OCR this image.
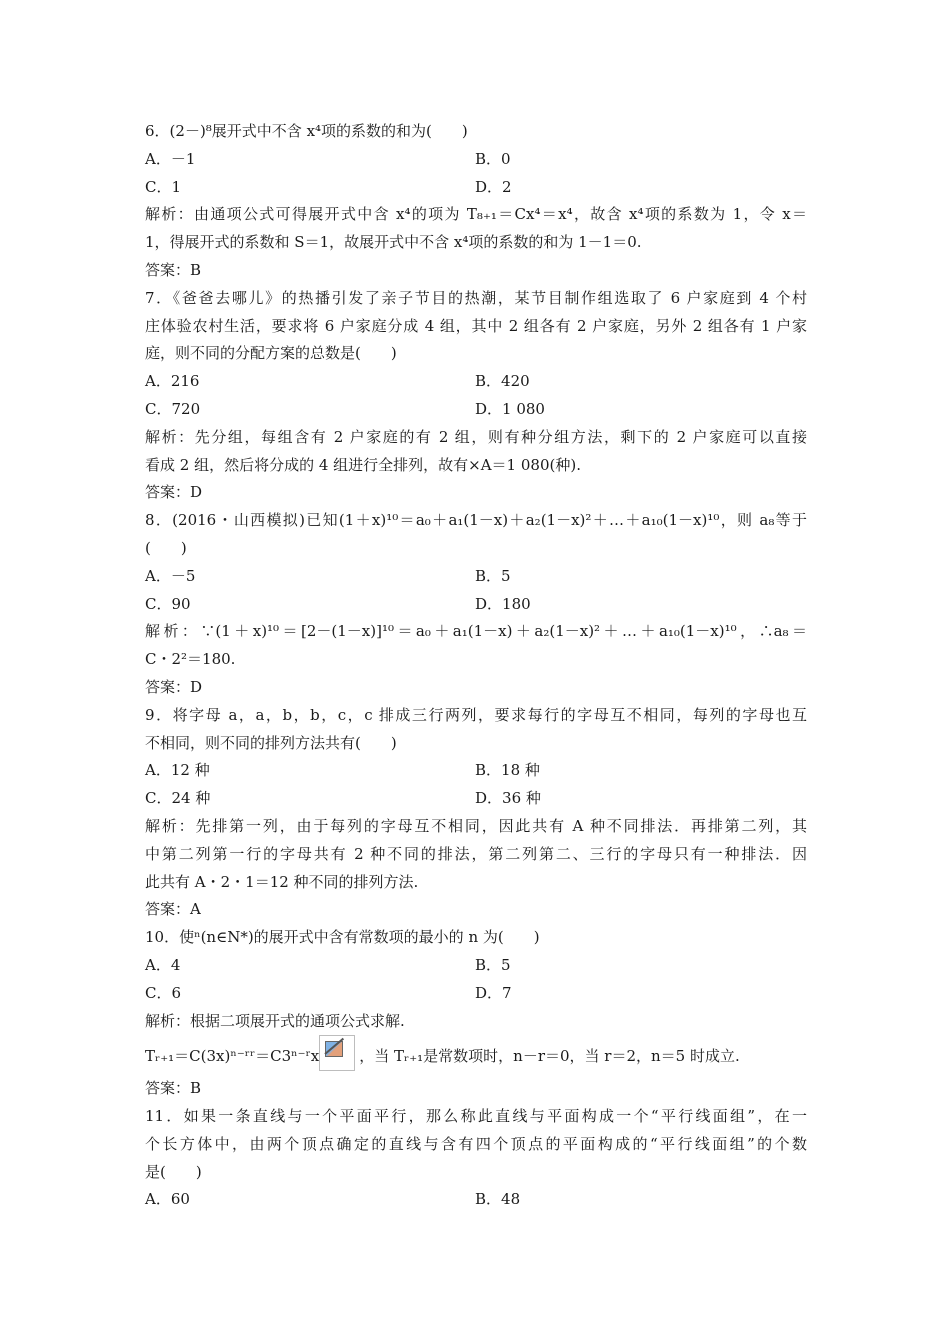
6．(2－)⁸展开式中不含 x⁴项的系数的和为(　　)
A．－1	B．0
C．1	D．2
解析：由通项公式可得展开式中含 x⁴的项为 T₈₊₁＝Cx⁴＝x⁴，故含 x⁴项的系数为 1，令 x＝
1，得展开式的系数和 S＝1，故展开式中不含 x⁴项的系数的和为 1－1＝0.
答案：B
7．《爸爸去哪儿》的热播引发了亲子节目的热潮，某节目制作组选取了 6 户家庭到 4 个村
庄体验农村生活，要求将 6 户家庭分成 4 组，其中 2 组各有 2 户家庭，另外 2 组各有 1 户家
庭，则不同的分配方案的总数是(　　)
A．216	B．420
C．720	D．1 080
解析：先分组，每组含有 2 户家庭的有 2 组，则有种分组方法，剩下的 2 户家庭可以直接
看成 2 组，然后将分成的 4 组进行全排列，故有×A＝1 080(种).
答案：D
8．(2016・山西模拟)已知(1＋x)¹⁰＝a₀＋a₁(1－x)＋a₂(1－x)²＋…＋a₁₀(1－x)¹⁰，则 a₈等于
(　　)
A．－5	B．5
C．90	D．180
解析：∵(1＋x)¹⁰＝[2－(1－x)]¹⁰＝a₀＋a₁(1－x)＋a₂(1－x)²＋…＋a₁₀(1－x)¹⁰，∴a₈＝
C・2²＝180.
答案：D
9．将字母 a，a，b，b，c，c 排成三行两列，要求每行的字母互不相同，每列的字母也互
不相同，则不同的排列方法共有(　　)
A．12 种	B．18 种
C．24 种	D．36 种
解析：先排第一列，由于每列的字母互不相同，因此共有 A 种不同排法．再排第二列，其
中第二列第一行的字母共有 2 种不同的排法，第二列第二、三行的字母只有一种排法．因
此共有 A・2・1＝12 种不同的排列方法.
答案：A
10．使ⁿ(n∈N*)的展开式中含有常数项的最小的 n 为(　　)
A．4	B．5
C．6	D．7
解析：根据二项展开式的通项公式求解.
Tᵣ₊₁＝C(3x)ⁿ⁻ʳʳ＝C3ⁿ⁻ʳx	，当 Tᵣ₊₁是常数项时，n－r＝0，当 r＝2，n＝5 时成立.
答案：B
11．如果一条直线与一个平面平行，那么称此直线与平面构成一个“平行线面组”，在一
个长方体中，由两个顶点确定的直线与含有四个顶点的平面构成的“平行线面组”的个数
是(　　)
A．60	B．48
